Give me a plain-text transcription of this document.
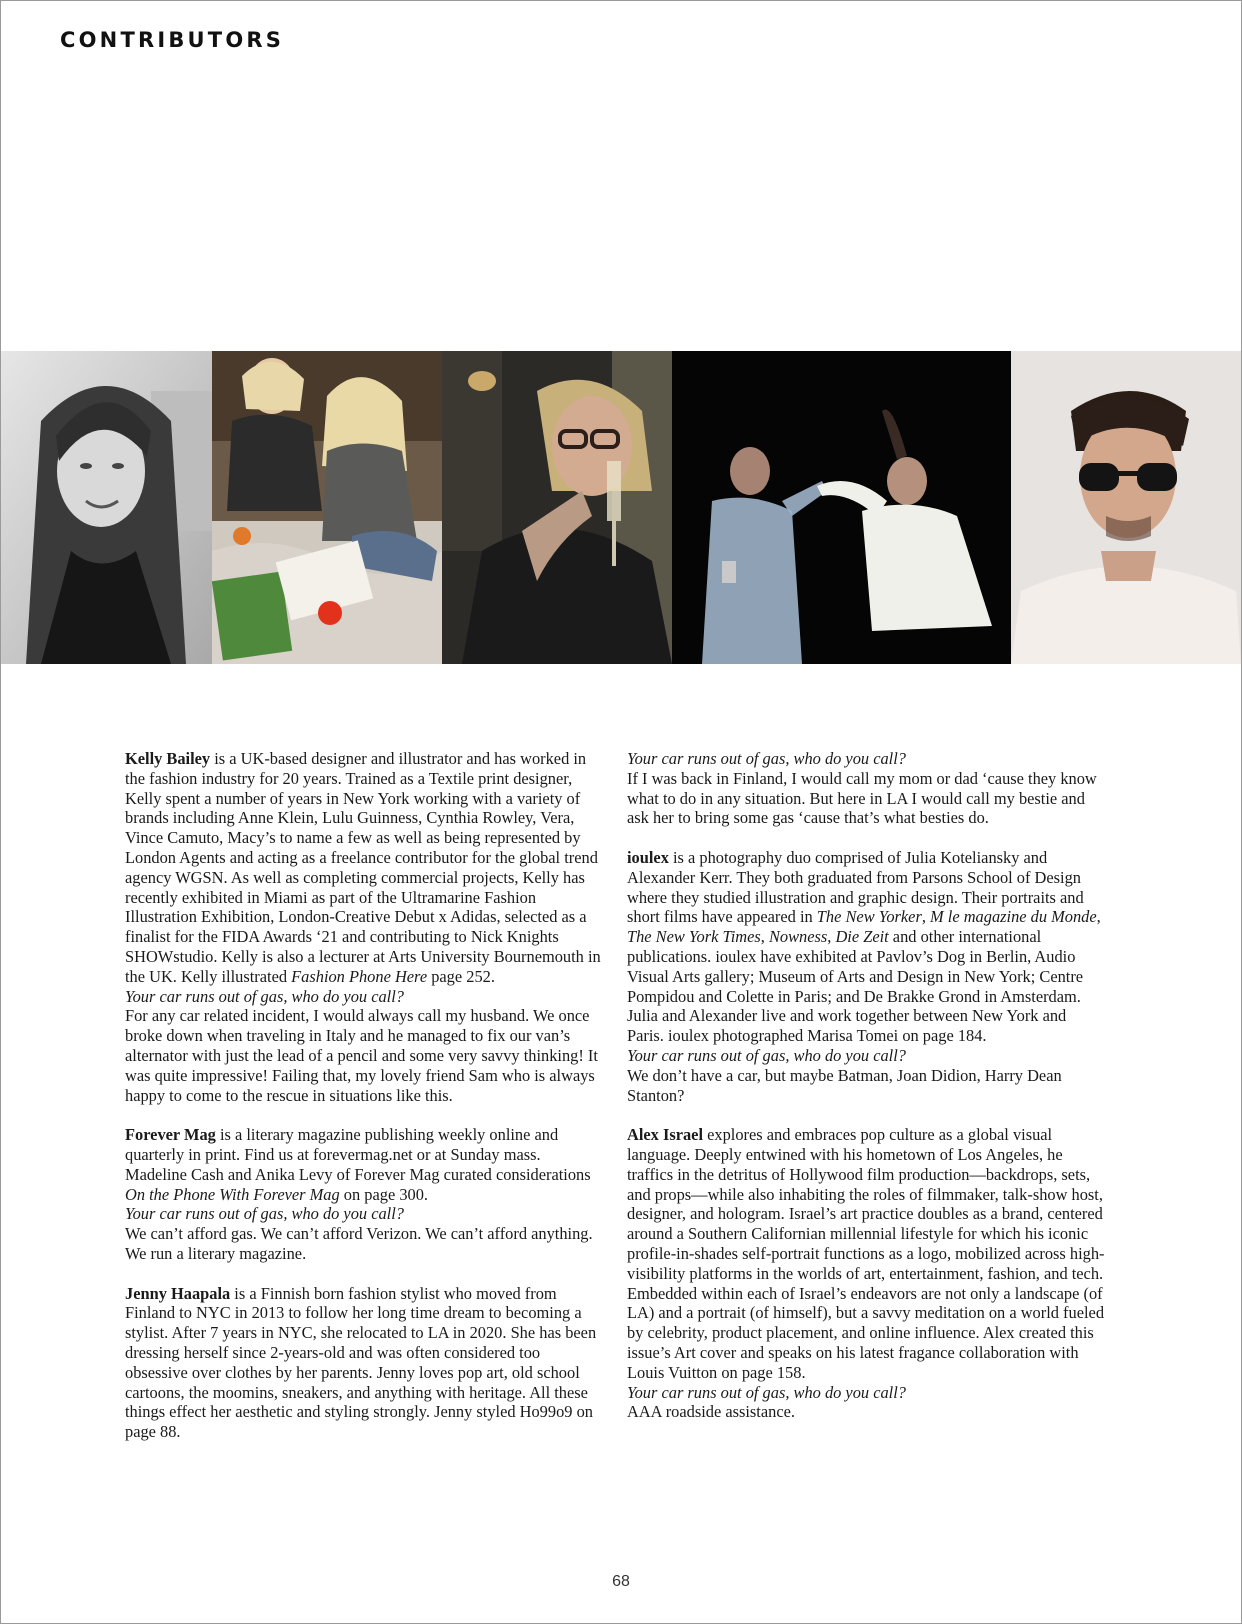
CONTRIBUTORS

Kelly Bailey is a UK-based designer and illustrator and has worked in the fashion industry for 20 years. Trained as a Textile print designer, Kelly spent a number of years in New York working with a variety of brands including Anne Klein, Lulu Guinness, Cynthia Rowley, Vera, Vince Camuto, Macy’s to name a few as well as being represented by London Agents and acting as a freelance contributor for the global trend agency WGSN. As well as completing commercial projects, Kelly has recently exhibited in Miami as part of the Ultramarine Fashion Illustration Exhibition, London-Creative Debut x Adidas, selected as a finalist for the FIDA Awards ‘21 and contributing to Nick Knights SHOWstudio. Kelly is also a lecturer at Arts University Bournemouth in the UK. Kelly illustrated Fashion Phone Here page 252.

Your car runs out of gas, who do you call?

For any car related incident, I would always call my husband. We once broke down when traveling in Italy and he managed to fix our van’s alternator with just the lead of a pencil and some very savvy thinking! It was quite impressive! Failing that, my lovely friend Sam who is always happy to come to the rescue in situations like this.

Forever Mag is a literary magazine publishing weekly online and quarterly in print. Find us at forevermag.net or at Sunday mass. Madeline Cash and Anika Levy of Forever Mag curated considerations On the Phone With Forever Mag on page 300.

Your car runs out of gas, who do you call?

We can’t afford gas. We can’t afford Verizon. We can’t afford anything. We run a literary magazine.

Jenny Haapala is a Finnish born fashion stylist who moved from Finland to NYC in 2013 to follow her long time dream to becoming a stylist. After 7 years in NYC, she relocated to LA in 2020. She has been dressing herself since 2-years-old and was often considered too obsessive over clothes by her parents. Jenny loves pop art, old school cartoons, the moomins, sneakers, and anything with heritage. All these things effect her aesthetic and styling strongly. Jenny styled Ho99o9 on page 88.

Your car runs out of gas, who do you call?

If I was back in Finland, I would call my mom or dad ‘cause they know what to do in any situation. But here in LA I would call my bestie and ask her to bring some gas ‘cause that’s what besties do.

ioulex is a photography duo comprised of Julia Koteliansky and Alexander Kerr. They both graduated from Parsons School of Design where they studied illustration and graphic design. Their portraits and short films have appeared in The New Yorker, M le magazine du Monde, The New York Times, Nowness, Die Zeit and other international publications. ioulex have exhibited at Pavlov’s Dog in Berlin, Audio Visual Arts gallery; Museum of Arts and Design in New York; Centre Pompidou and Colette in Paris; and De Brakke Grond in Amsterdam. Julia and Alexander live and work together between New York and Paris. ioulex photographed Marisa Tomei on page 184.

Your car runs out of gas, who do you call?

We don’t have a car, but maybe Batman, Joan Didion, Harry Dean Stanton?

Alex Israel explores and embraces pop culture as a global visual language. Deeply entwined with his hometown of Los Angeles, he traffics in the detritus of Hollywood film production—backdrops, sets, and props—while also inhabiting the roles of filmmaker, talk-show host, designer, and hologram. Israel’s art practice doubles as a brand, centered around a Southern Californian millennial lifestyle for which his iconic profile-in-shades self-portrait functions as a logo, mobilized across high-visibility platforms in the worlds of art, entertainment, fashion, and tech. Embedded within each of Israel’s endeavors are not only a landscape (of LA) and a portrait (of himself), but a savvy meditation on a world fueled by celebrity, product placement, and online influence. Alex created this issue’s Art cover and speaks on his latest fragance collaboration with Louis Vuitton on page 158.

Your car runs out of gas, who do you call?

AAA roadside assistance.

68
